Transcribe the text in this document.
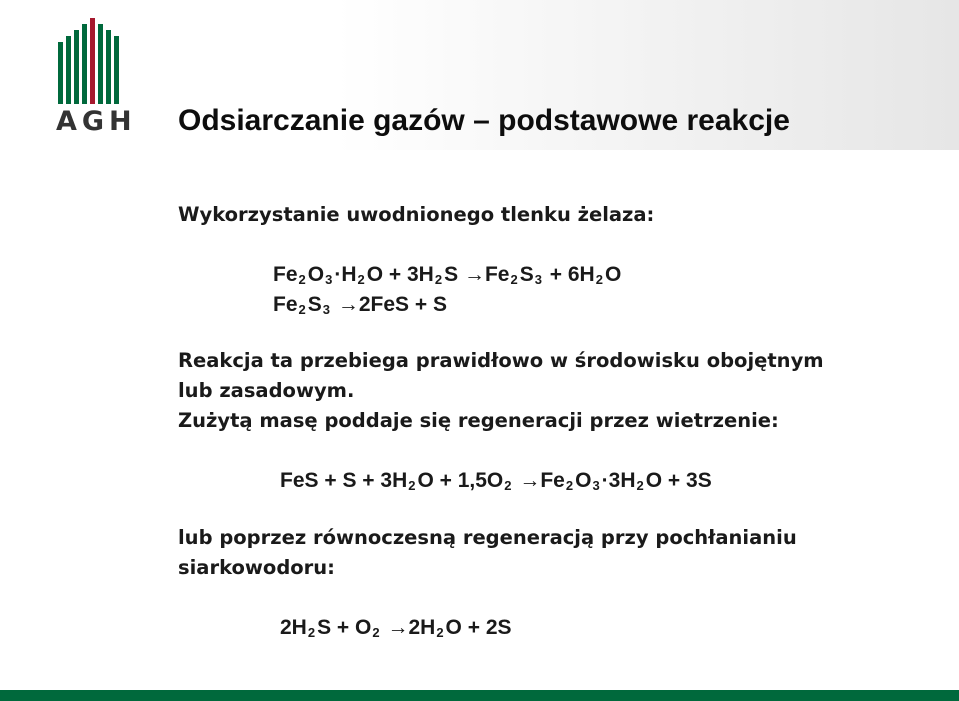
AGH Odsiarczanie gazów – podstawowe reakcje
Wykorzystanie uwodnionego tlenku żelaza:
$Fe_2O_3\cdot H_2O + 3H_2S \to Fe_2S_3 + 6H_2O$
$Fe_2S_3 \to 2FeS + S$
Reakcja ta przebiega prawidłowo w środowisku obojętnym
lub zasadowym.
Zużytą masę poddaje się regeneracji przez wietrzenie:
FeS + $S + 3H_2O + 1,5O_2 \to Fe_2O_3\cdot 3H_2O + 3S$
lub poprzez równoczesną regeneracją przy pochłanianiu
siarkowodoru:
$2H_2S + O_2 \to 2H_2O + 2S$
